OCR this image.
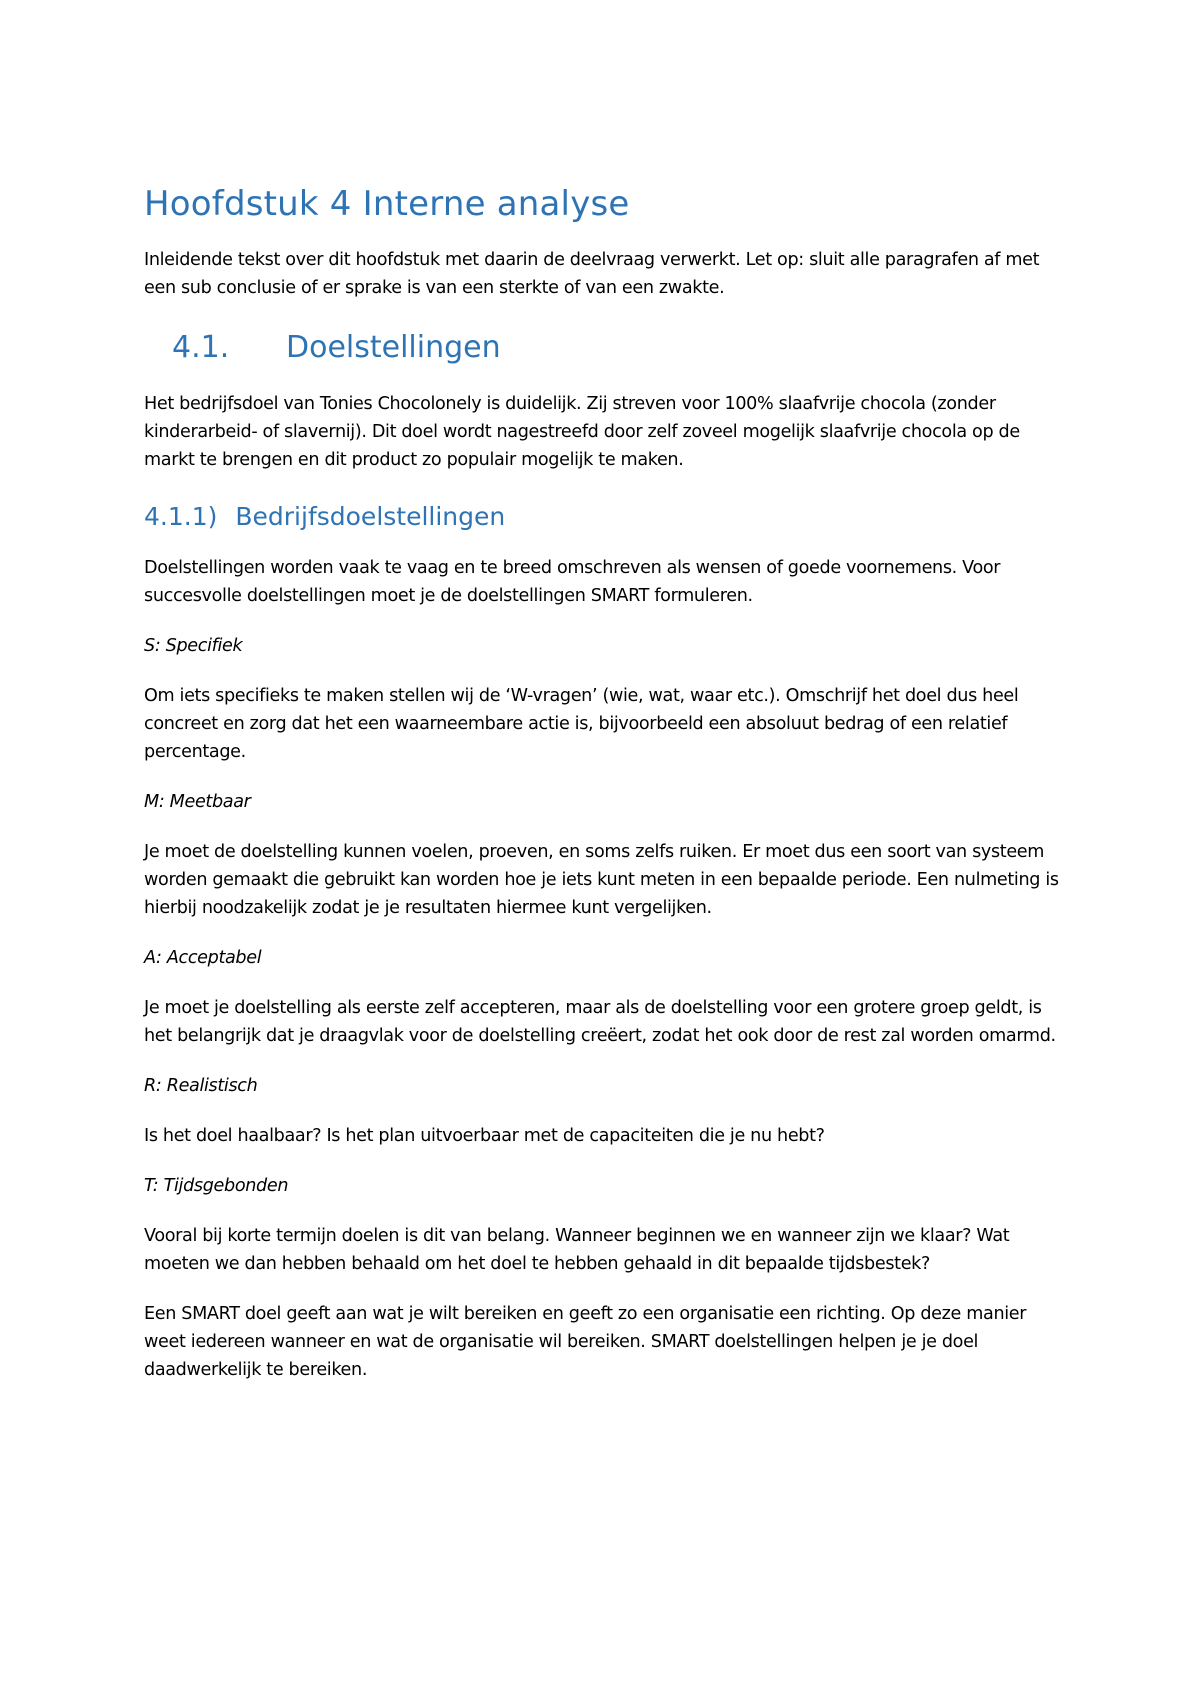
Hoofdstuk 4 Interne analyse

Inleidende tekst over dit hoofdstuk met daarin de deelvraag verwerkt. Let op: sluit alle paragrafen af met een sub conclusie of er sprake is van een sterkte of van een zwakte.

4.1.	Doelstellingen

Het bedrijfsdoel van Tonies Chocolonely is duidelijk. Zij streven voor 100% slaafvrije chocola (zonder kinderarbeid- of slavernij). Dit doel wordt nagestreefd door zelf zoveel mogelijk slaafvrije chocola op de markt te brengen en dit product zo populair mogelijk te maken.

4.1.1) Bedrijfsdoelstellingen

Doelstellingen worden vaak te vaag en te breed omschreven als wensen of goede voornemens. Voor succesvolle doelstellingen moet je de doelstellingen SMART formuleren.

S: Specifiek

Om iets specifieks te maken stellen wij de ‘W-vragen’ (wie, wat, waar etc.). Omschrijf het doel dus heel concreet en zorg dat het een waarneembare actie is, bijvoorbeeld een absoluut bedrag of een relatief percentage.

M: Meetbaar

Je moet de doelstelling kunnen voelen, proeven, en soms zelfs ruiken. Er moet dus een soort van systeem worden gemaakt die gebruikt kan worden hoe je iets kunt meten in een bepaalde periode. Een nulmeting is hierbij noodzakelijk zodat je je resultaten hiermee kunt vergelijken.

A: Acceptabel

Je moet je doelstelling als eerste zelf accepteren, maar als de doelstelling voor een grotere groep geldt, is het belangrijk dat je draagvlak voor de doelstelling creëert, zodat het ook door de rest zal worden omarmd.

R: Realistisch

Is het doel haalbaar? Is het plan uitvoerbaar met de capaciteiten die je nu hebt?

T: Tijdsgebonden

Vooral bij korte termijn doelen is dit van belang. Wanneer beginnen we en wanneer zijn we klaar? Wat moeten we dan hebben behaald om het doel te hebben gehaald in dit bepaalde tijdsbestek?

Een SMART doel geeft aan wat je wilt bereiken en geeft zo een organisatie een richting. Op deze manier weet iedereen wanneer en wat de organisatie wil bereiken. SMART doelstellingen helpen je je doel daadwerkelijk te bereiken.
